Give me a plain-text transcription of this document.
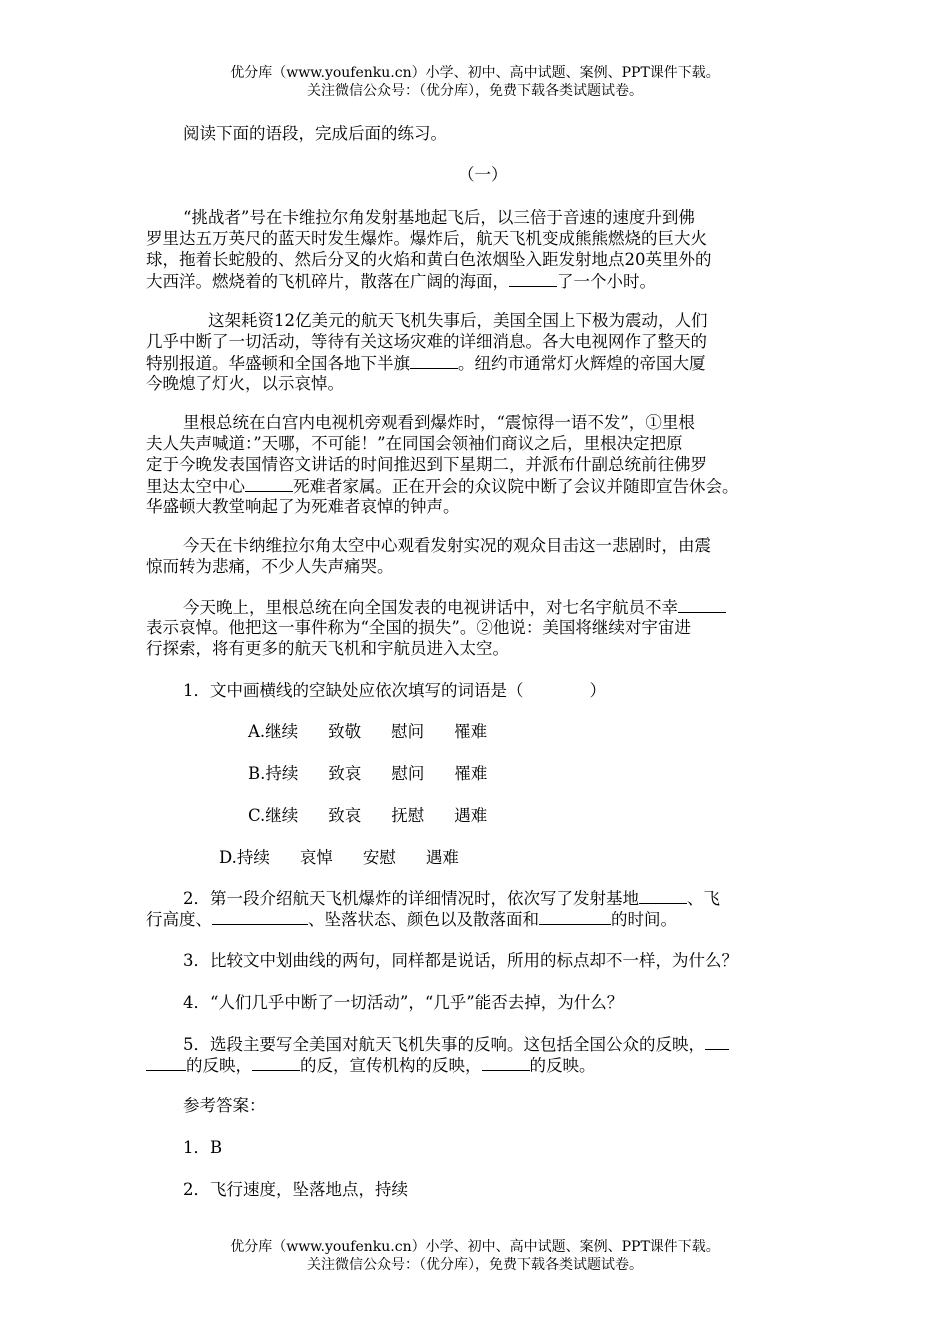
优分库（www.youfenku.cn）小学、初中、高中试题、案例、PPT课件下载。
关注微信公众号：（优分库），免费下载各类试题试卷。
阅读下面的语段，完成后面的练习。
（一）
“挑战者”号在卡维拉尔角发射基地起飞后，以三倍于音速的速度升到佛
罗里达五万英尺的蓝天时发生爆炸。爆炸后，航天飞机变成熊熊燃烧的巨大火
球，拖着长蛇般的、然后分叉的火焰和黄白色浓烟坠入距发射地点20英里外的
大西洋。燃烧着的飞机碎片，散落在广阔的海面，	了一个小时。
这架耗资12亿美元的航天飞机失事后，美国全国上下极为震动，人们
几乎中断了一切活动，等待有关这场灾难的详细消息。各大电视网作了整天的
特别报道。华盛顿和全国各地下半旗	。纽约市通常灯火辉煌的帝国大厦
今晚熄了灯火，以示哀悼。
里根总统在白宫内电视机旁观看到爆炸时，“震惊得一语不发”，①里根
夫人失声喊道：”天哪，不可能！”在同国会领袖们商议之后，里根决定把原
定于今晚发表国情咨文讲话的时间推迟到下星期二，并派布什副总统前往佛罗
里达太空中心	死难者家属。正在开会的众议院中断了会议并随即宣告休会。
华盛顿大教堂响起了为死难者哀悼的钟声。
今天在卡纳维拉尔角太空中心观看发射实况的观众目击这一悲剧时，由震
惊而转为悲痛，不少人失声痛哭。
今天晚上，里根总统在向全国发表的电视讲话中，对七名宇航员不幸
表示哀悼。他把这一事件称为“全国的损失”。②他说：美国将继续对宇宙进
行探索，将有更多的航天飞机和宇航员进入太空。
1．文中画横线的空缺处应依次填写的词语是（　　　　）
A.继续 致敬 慰问 罹难
B.持续 致哀 慰问 罹难
C.继续 致哀 抚慰 遇难
D.持续 哀悼 安慰 遇难
2．第一段介绍航天飞机爆炸的详细情况时，依次写了发射基地	、飞
行高度、	、坠落状态、颜色以及散落面和	的时间。
3．比较文中划曲线的两句，同样都是说话，所用的标点却不一样，为什么？
4．“人们几乎中断了一切活动”，“几乎”能否去掉，为什么？
5．选段主要写全美国对航天飞机失事的反响。这包括全国公众的反映，
的反映，	的反，宣传机构的反映，	的反映。
参考答案：
1．B
2．飞行速度，坠落地点，持续
优分库（www.youfenku.cn）小学、初中、高中试题、案例、PPT课件下载。
关注微信公众号：（优分库），免费下载各类试题试卷。
